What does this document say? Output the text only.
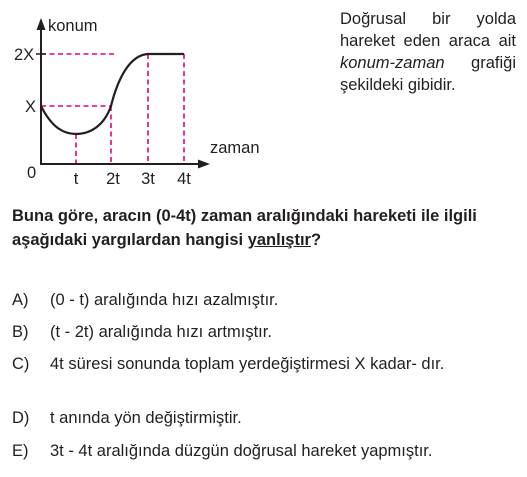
konum
zaman
0
2X
X
t 2t 3t 4t
Doğrusal bir yolda hareket eden araca ait konum-zaman grafiği şekildeki gibidir.
Buna göre, aracın (0-4t) zaman aralığındaki hareketi ile ilgili aşağıdaki yargılardan hangisi yanlıştır?
A) (0 - t) aralığında hızı azalmıştır.
B) (t - 2t) aralığında hızı artmıştır.
C) 4t süresi sonunda toplam yerdeğiştirmesi X kadar- dır.
D) t anında yön değiştirmiştir.
E) 3t - 4t aralığında düzgün doğrusal hareket yapmıştır.
